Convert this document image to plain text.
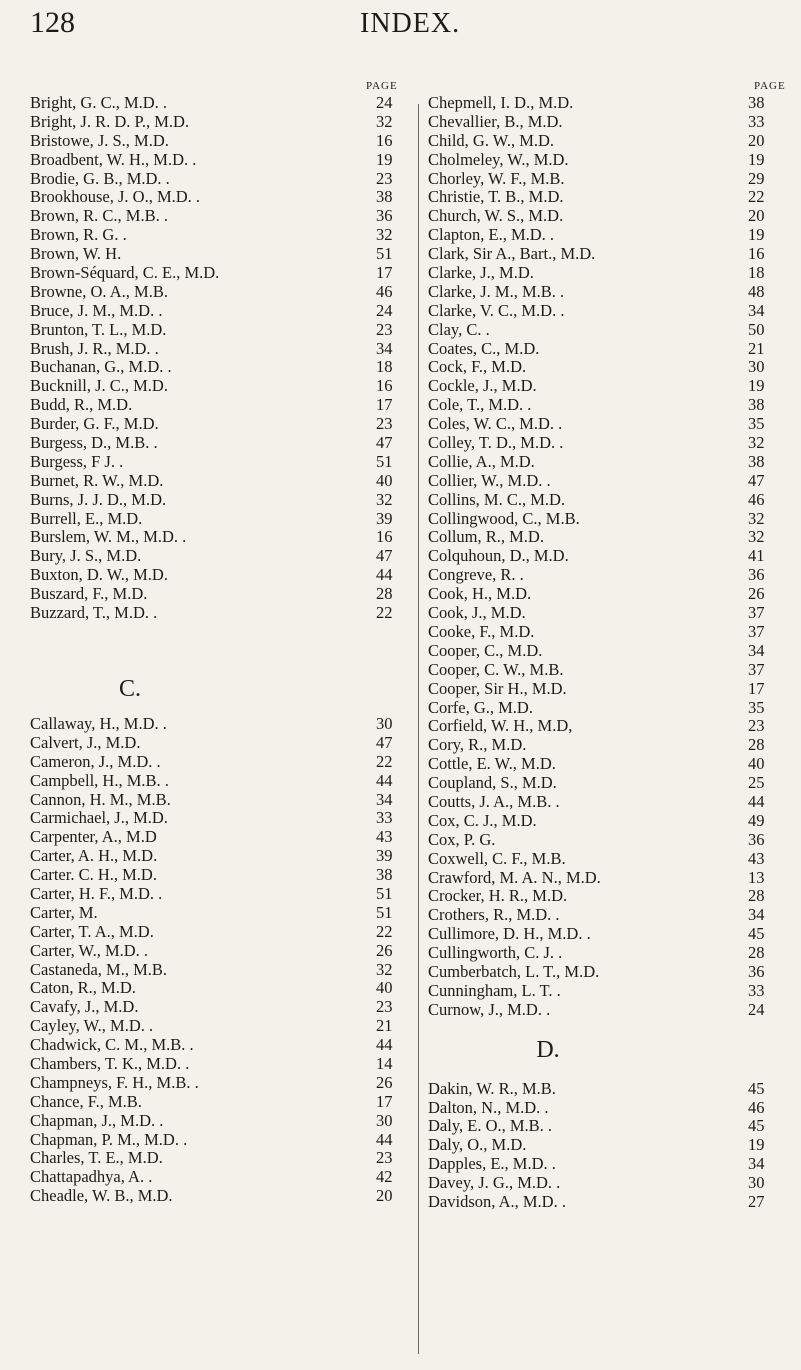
128	INDEX.
PAGE
Bright, G. C., M.D. .	24
Bright, J. R. D. P., M.D.	32
Bristowe, J. S., M.D.	16
Broadbent, W. H., M.D. .	19
Brodie, G. B., M.D. .	23
Brookhouse, J. O., M.D. .	38
Brown, R. C., M.B. .	36
Brown, R. G. .	32
Brown, W. H.	51
Brown-Séquard, C. E., M.D.	17
Browne, O. A., M.B.	46
Bruce, J. M., M.D. .	24
Brunton, T. L., M.D.	23
Brush, J. R., M.D. .	34
Buchanan, G., M.D. .	18
Bucknill, J. C., M.D.	16
Budd, R., M.D.	17
Burder, G. F., M.D.	23
Burgess, D., M.B. .	47
Burgess, F J. .	51
Burnet, R. W., M.D.	40
Burns, J. J. D., M.D.	32
Burrell, E., M.D.	39
Burslem, W. M., M.D. .	16
Bury, J. S., M.D.	47
Buxton, D. W., M.D.	44
Buszard, F., M.D.	28
Buzzard, T., M.D. .	22
C.
Callaway, H., M.D. .	30
Calvert, J., M.D.	47
Cameron, J., M.D. .	22
Campbell, H., M.B. .	44
Cannon, H. M., M.B.	34
Carmichael, J., M.D.	33
Carpenter, A., M.D	43
Carter, A. H., M.D.	39
Carter. C. H., M.D.	38
Carter, H. F., M.D. .	51
Carter, M.	51
Carter, T. A., M.D.	22
Carter, W., M.D. .	26
Castaneda, M., M.B.	32
Caton, R., M.D.	40
Cavafy, J., M.D.	23
Cayley, W., M.D. .	21
Chadwick, C. M., M.B. .	44
Chambers, T. K., M.D. .	14
Champneys, F. H., M.B. .	26
Chance, F., M.B.	17
Chapman, J., M.D. .	30
Chapman, P. M., M.D. .	44
Charles, T. E., M.D.	23
Chattapadhya, A. .	42
Cheadle, W. B., M.D.	20
PAGE
Chepmell, I. D., M.D.	38
Chevallier, B., M.D.	33
Child, G. W., M.D.	20
Cholmeley, W., M.D.	19
Chorley, W. F., M.B.	29
Christie, T. B., M.D.	22
Church, W. S., M.D.	20
Clapton, E., M.D. .	19
Clark, Sir A., Bart., M.D.	16
Clarke, J., M.D.	18
Clarke, J. M., M.B. .	48
Clarke, V. C., M.D. .	34
Clay, C. .	50
Coates, C., M.D.	21
Cock, F., M.D.	30
Cockle, J., M.D.	19
Cole, T., M.D. .	38
Coles, W. C., M.D. .	35
Colley, T. D., M.D. .	32
Collie, A., M.D.	38
Collier, W., M.D. .	47
Collins, M. C., M.D.	46
Collingwood, C., M.B.	32
Collum, R., M.D.	32
Colquhoun, D., M.D.	41
Congreve, R. .	36
Cook, H., M.D.	26
Cook, J., M.D.	37
Cooke, F., M.D.	37
Cooper, C., M.D.	34
Cooper, C. W., M.B.	37
Cooper, Sir H., M.D.	17
Corfe, G., M.D.	35
Corfield, W. H., M.D,	23
Cory, R., M.D.	28
Cottle, E. W., M.D.	40
Coupland, S., M.D.	25
Coutts, J. A., M.B. .	44
Cox, C. J., M.D.	49
Cox, P. G.	36
Coxwell, C. F., M.B.	43
Crawford, M. A. N., M.D.	13
Crocker, H. R., M.D.	28
Crothers, R., M.D. .	34
Cullimore, D. H., M.D. .	45
Cullingworth, C. J. .	28
Cumberbatch, L. T., M.D.	36
Cunningham, L. T. .	33
Curnow, J., M.D. .	24
D.
Dakin, W. R., M.B.	45
Dalton, N., M.D. .	46
Daly, E. O., M.B. .	45
Daly, O., M.D.	19
Dapples, E., M.D. .	34
Davey, J. G., M.D. .	30
Davidson, A., M.D. .	27
